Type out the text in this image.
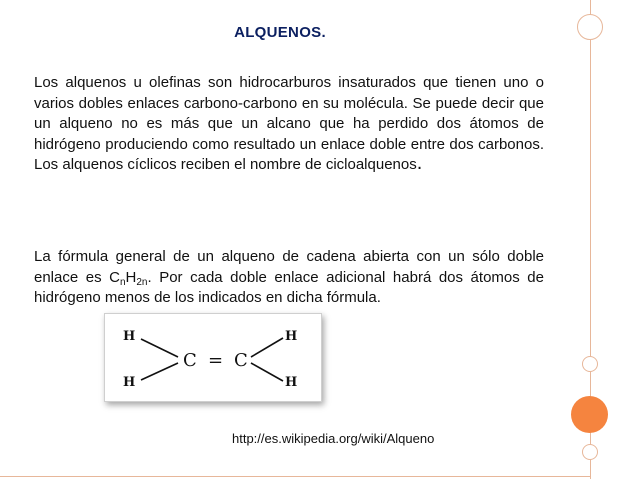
ALQUENOS.

Los alquenos u olefinas son hidrocarburos insaturados que tienen uno o varios dobles enlaces carbono-carbono en su molécula. Se puede decir que un alqueno no es más que un alcano que ha perdido dos átomos de hidrógeno produciendo como resultado un enlace doble entre dos carbonos. Los alquenos cíclicos reciben el nombre de cicloalquenos.

La fórmula general de un alqueno de cadena abierta con un sólo doble enlace es $C_nH_{2n}$. Por cada doble enlace adicional habrá dos átomos de hidrógeno menos de los indicados en dicha fórmula.

H
H
C = C
H
H
http://es.wikipedia.org/wiki/Alqueno
